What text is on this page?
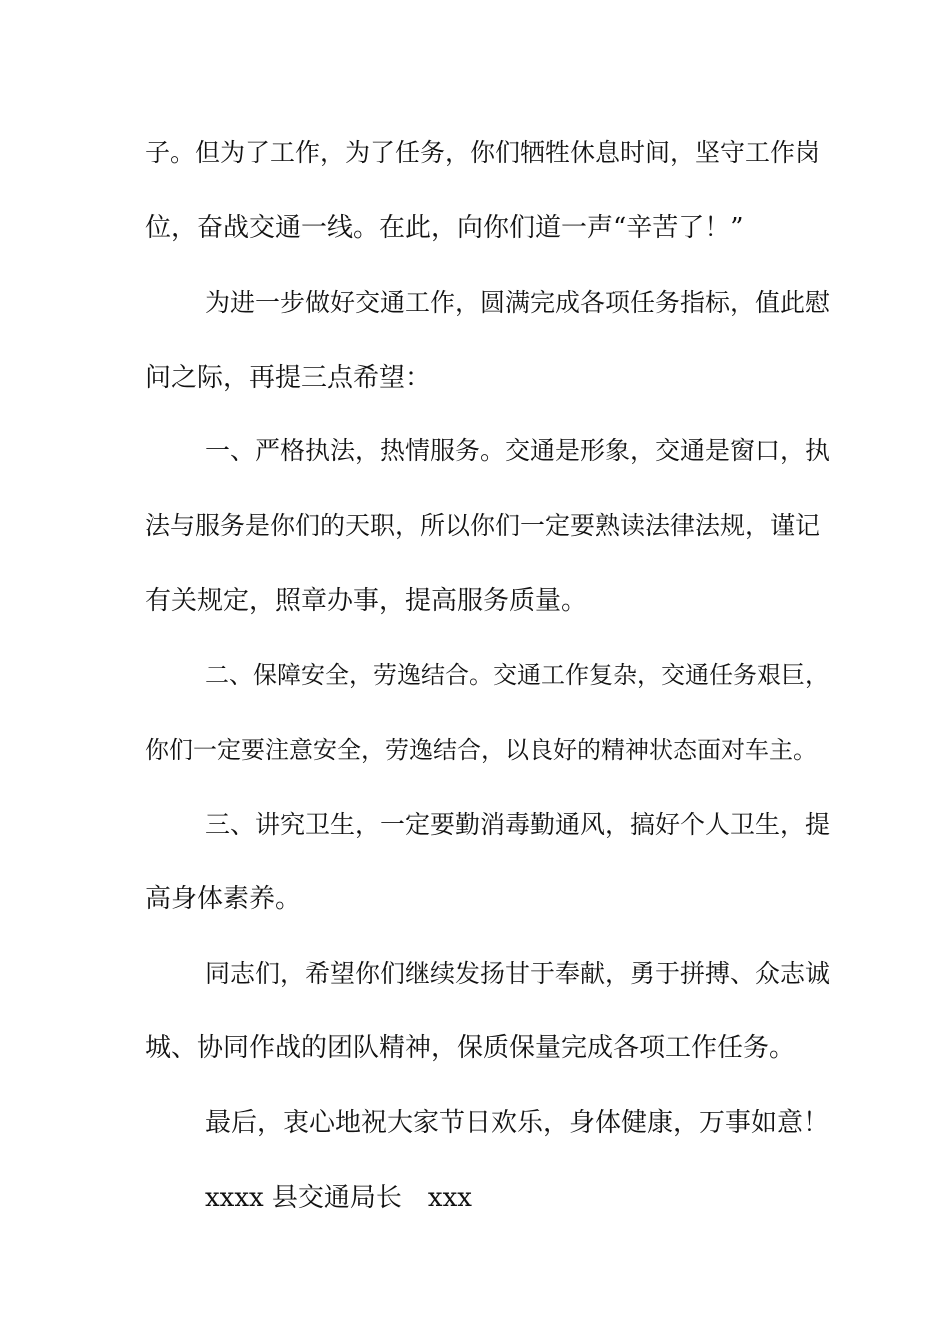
子。但为了工作，为了任务，你们牺牲休息时间，坚守工作岗
位，奋战交通一线。在此，向你们道一声“辛苦了！”
为进一步做好交通工作，圆满完成各项任务指标，值此慰
问之际，再提三点希望：
一、严格执法，热情服务。交通是形象，交通是窗口，执
法与服务是你们的天职，所以你们一定要熟读法律法规，谨记
有关规定，照章办事，提高服务质量。
二、保障安全，劳逸结合。交通工作复杂，交通任务艰巨，
你们一定要注意安全，劳逸结合，以良好的精神状态面对车主。
三、讲究卫生，一定要勤消毒勤通风，搞好个人卫生，提
高身体素养。
同志们，希望你们继续发扬甘于奉献，勇于拼搏、众志诚
城、协同作战的团队精神，保质保量完成各项工作任务。
最后，衷心地祝大家节日欢乐，身体健康，万事如意！
xxxx 县交通局长　xxx
